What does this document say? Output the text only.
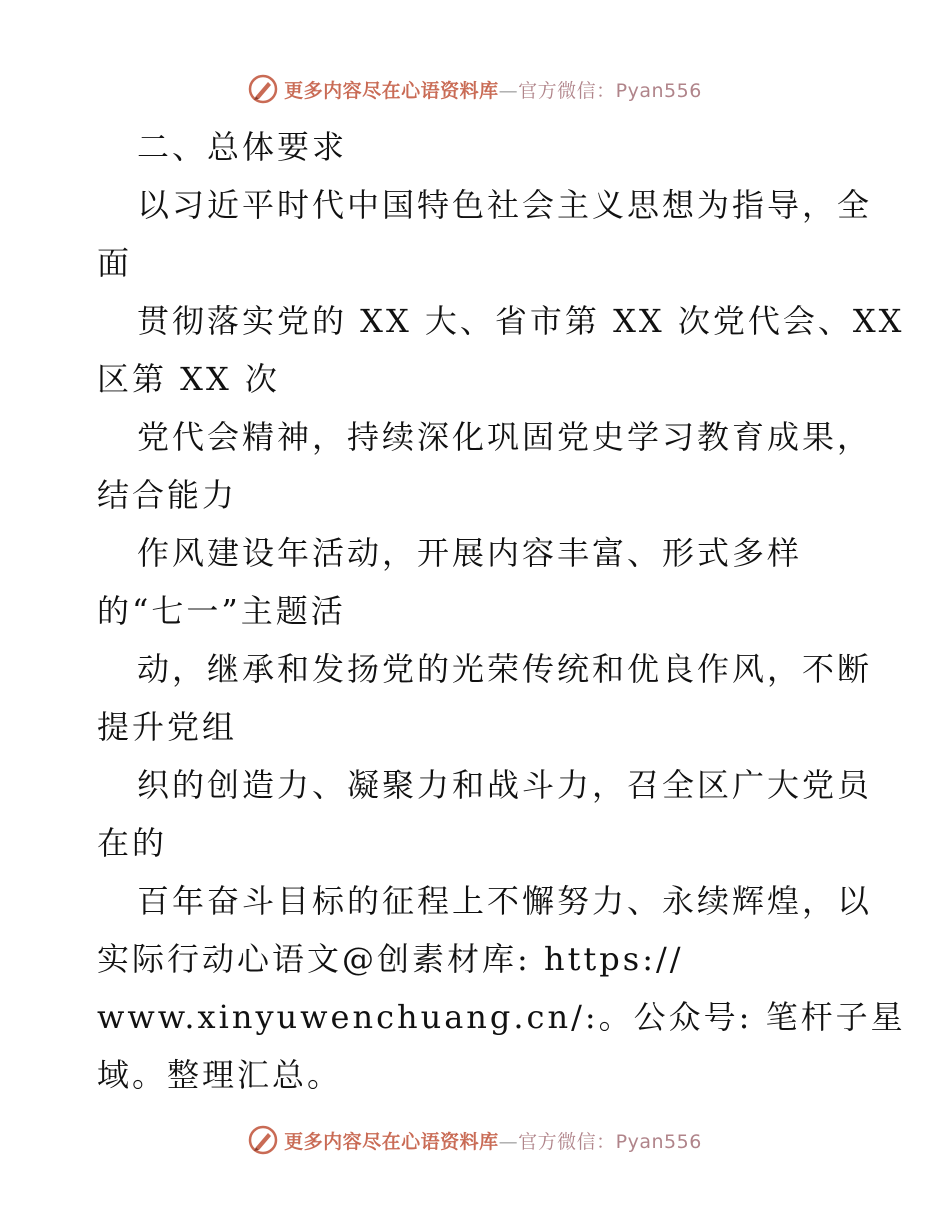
更多内容尽在心语资料库—官方微信：Pyan556
二、总体要求
以习近平时代中国特色社会主义思想为指导，全
面
贯彻落实党的 XX 大、省市第 XX 次党代会、XX
区第 XX 次
党代会精神，持续深化巩固党史学习教育成果，
结合能力
作风建设年活动，开展内容丰富、形式多样
的“七一”主题活
动，继承和发扬党的光荣传统和优良作风，不断
提升党组
织的创造力、凝聚力和战斗力，召全区广大党员
在的
百年奋斗目标的征程上不懈努力、永续辉煌，以
实际行动心语文@创素材库: https://
www.xinyuwenchuang.cn/:。公众号: 笔杆子星
域。整理汇总。
更多内容尽在心语资料库—官方微信：Pyan556
